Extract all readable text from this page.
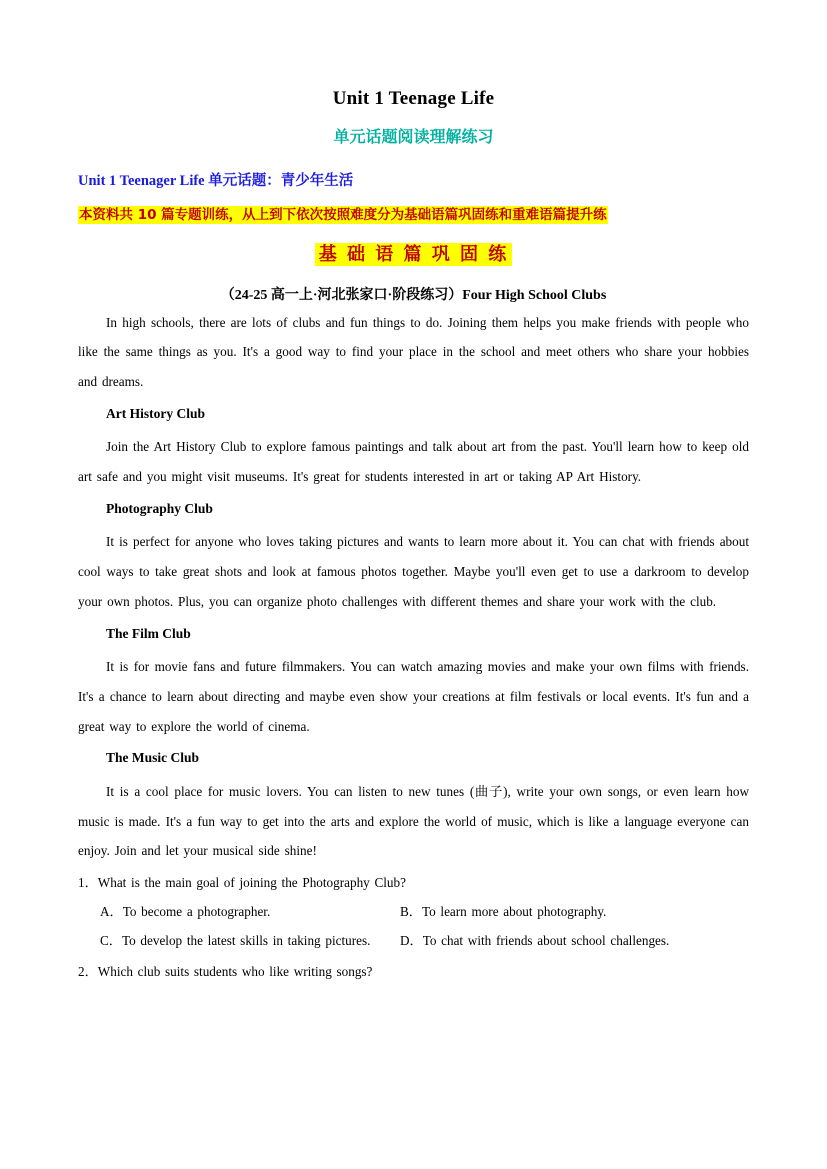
Unit 1 Teenage Life
单元话题阅读理解练习
Unit 1 Teenager Life 单元话题：青少年生活
本资料共 10 篇专题训练，从上到下依次按照难度分为基础语篇巩固练和重难语篇提升练
基 础 语 篇 巩 固 练
（24-25 高一上·河北张家口·阶段练习）Four High School Clubs

In high schools, there are lots of clubs and fun things to do. Joining them helps you make friends with people who like the same things as you. It's a good way to find your place in the school and meet others who share your hobbies and dreams.

Art History Club

Join the Art History Club to explore famous paintings and talk about art from the past. You'll learn how to keep old art safe and you might visit museums. It's great for students interested in art or taking AP Art History.

Photography Club

It is perfect for anyone who loves taking pictures and wants to learn more about it. You can chat with friends about cool ways to take great shots and look at famous photos together. Maybe you'll even get to use a darkroom to develop your own photos. Plus, you can organize photo challenges with different themes and share your work with the club.

The Film Club

It is for movie fans and future filmmakers. You can watch amazing movies and make your own films with friends. It's a chance to learn about directing and maybe even show your creations at film festivals or local events. It's fun and a great way to explore the world of cinema.

The Music Club

It is a cool place for music lovers. You can listen to new tunes (曲子), write your own songs, or even learn how music is made. It's a fun way to get into the arts and explore the world of music, which is like a language everyone can enjoy. Join and let your musical side shine!

1．What is the main goal of joining the Photography Club?

A．To become a photographer.	B．To learn more about photography.
C．To develop the latest skills in taking pictures.	D．To chat with friends about school challenges.

2．Which club suits students who like writing songs?
